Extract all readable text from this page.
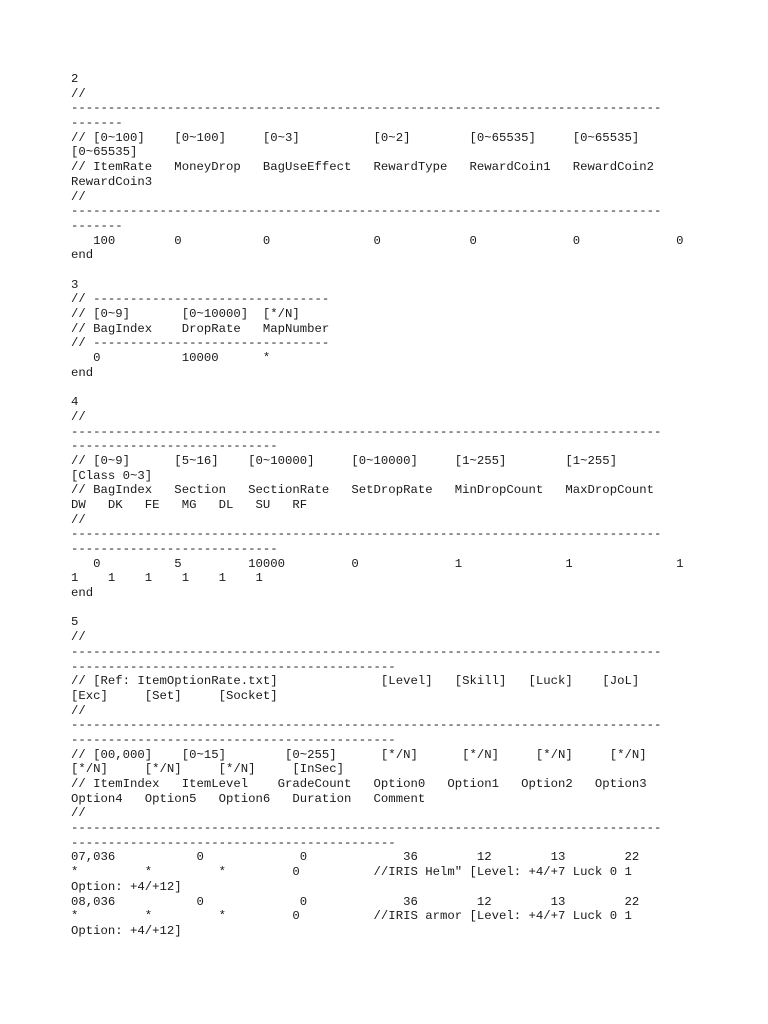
2
//
--------------------------------------------------------------------------------
-------
// [0~100]    [0~100]     [0~3]          [0~2]        [0~65535]     [0~65535]
[0~65535]
// ItemRate   MoneyDrop   BagUseEffect   RewardType   RewardCoin1   RewardCoin2
RewardCoin3
//
--------------------------------------------------------------------------------
-------
100        0           0              0            0             0             0
end
3
// --------------------------------
// [0~9]       [0~10000]  [*/N]
// BagIndex    DropRate   MapNumber
// --------------------------------
0           10000      *
end
4
//
--------------------------------------------------------------------------------
----------------------------
// [0~9]      [5~16]    [0~10000]     [0~10000]     [1~255]        [1~255]
[Class 0~3]
// BagIndex   Section   SectionRate   SetDropRate   MinDropCount   MaxDropCount
DW   DK   FE   MG   DL   SU   RF
//
--------------------------------------------------------------------------------
----------------------------
0          5         10000         0             1              1              1
1    1    1    1    1    1
end
5
//
--------------------------------------------------------------------------------
--------------------------------------------
// [Ref: ItemOptionRate.txt]              [Level]   [Skill]   [Luck]    [JoL]
[Exc]     [Set]     [Socket]
//
--------------------------------------------------------------------------------
--------------------------------------------
// [00,000]    [0~15]        [0~255]      [*/N]      [*/N]     [*/N]     [*/N]
[*/N]     [*/N]     [*/N]     [InSec]
// ItemIndex   ItemLevel    GradeCount   Option0   Option1   Option2   Option3
Option4   Option5   Option6   Duration   Comment
//
--------------------------------------------------------------------------------
--------------------------------------------
07,036           0             0             36        12        13        22
*         *         *         0          //IRIS Helm" [Level: +4/+7 Luck 0 1
Option: +4/+12]
08,036           0             0             36        12        13        22
*         *         *         0          //IRIS armor [Level: +4/+7 Luck 0 1
Option: +4/+12]
